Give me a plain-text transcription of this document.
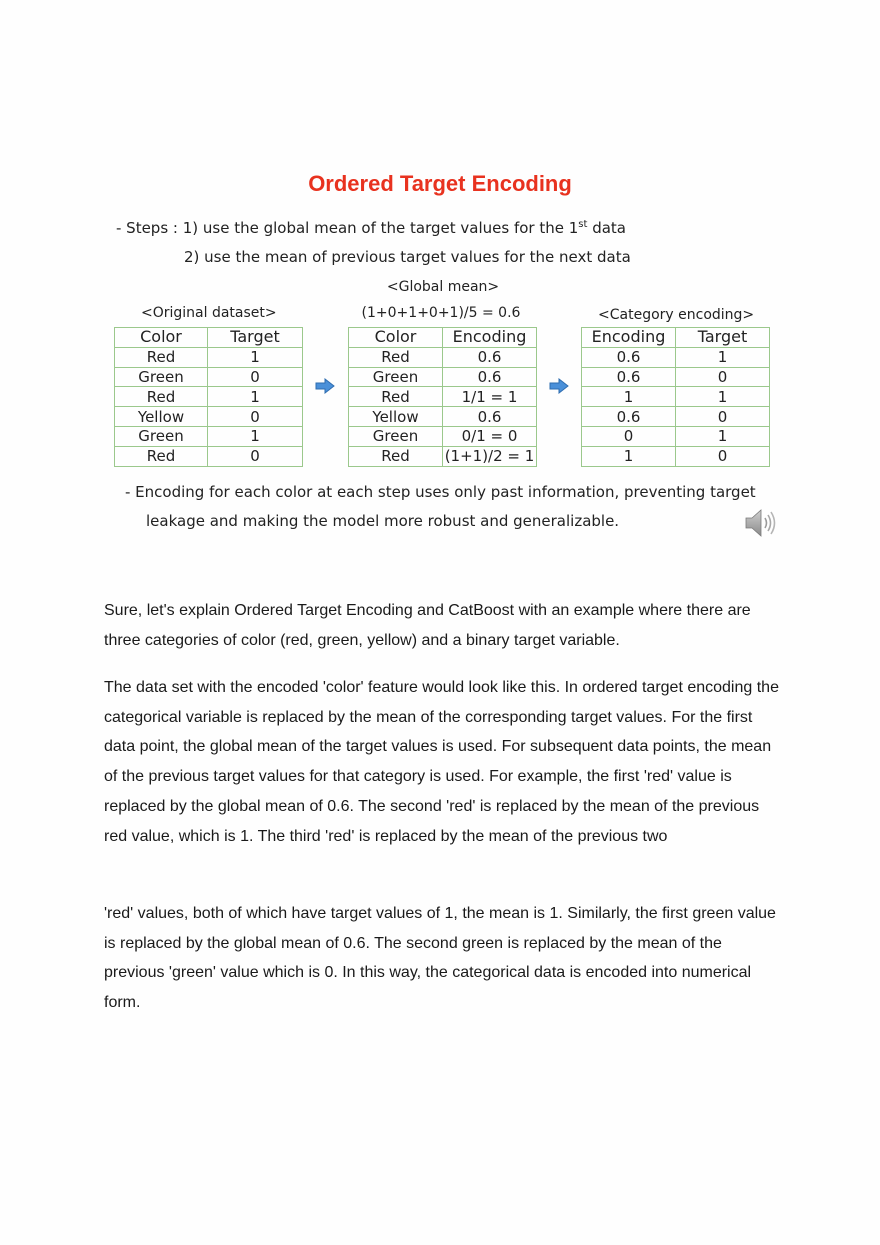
Ordered Target Encoding
- Steps : 1) use the global mean of the target values for the 1st data
2) use the mean of previous target values for the next data
<Original dataset>
<Global mean>
(1+0+1+0+1)/5 = 0.6	<Category encoding>
Color	Target
Red	1
Green	0
Red	1
Yellow	0
Green	1
Red	0
Color	Encoding
Red	0.6
Green	0.6
Red	1/1 = 1
Yellow	0.6
Green	0/1 = 0
Red	(1+1)/2 = 1
Encoding	Target
0.6	1
0.6	0
1	1
0.6	0
0	1
1	0
- Encoding for each color at each step uses only past information, preventing target
leakage and making the model more robust and generalizable.

Sure, let's explain Ordered Target Encoding and CatBoost with an example where there are three categories of color (red, green, yellow) and a binary target variable.

The data set with the encoded 'color' feature would look like this. In ordered target encoding the categorical variable is replaced by the mean of the corresponding target values. For the first data point, the global mean of the target values is used. For subsequent data points, the mean of the previous target values for that category is used. For example, the first 'red' value is replaced by the global mean of 0.6. The second 'red' is replaced by the mean of the previous red value, which is 1. The third 'red' is replaced by the mean of the previous two

'red' values, both of which have target values of 1, the mean is 1. Similarly, the first green value is replaced by the global mean of 0.6. The second green is replaced by the mean of the previous 'green' value which is 0. In this way, the categorical data is encoded into numerical form.
